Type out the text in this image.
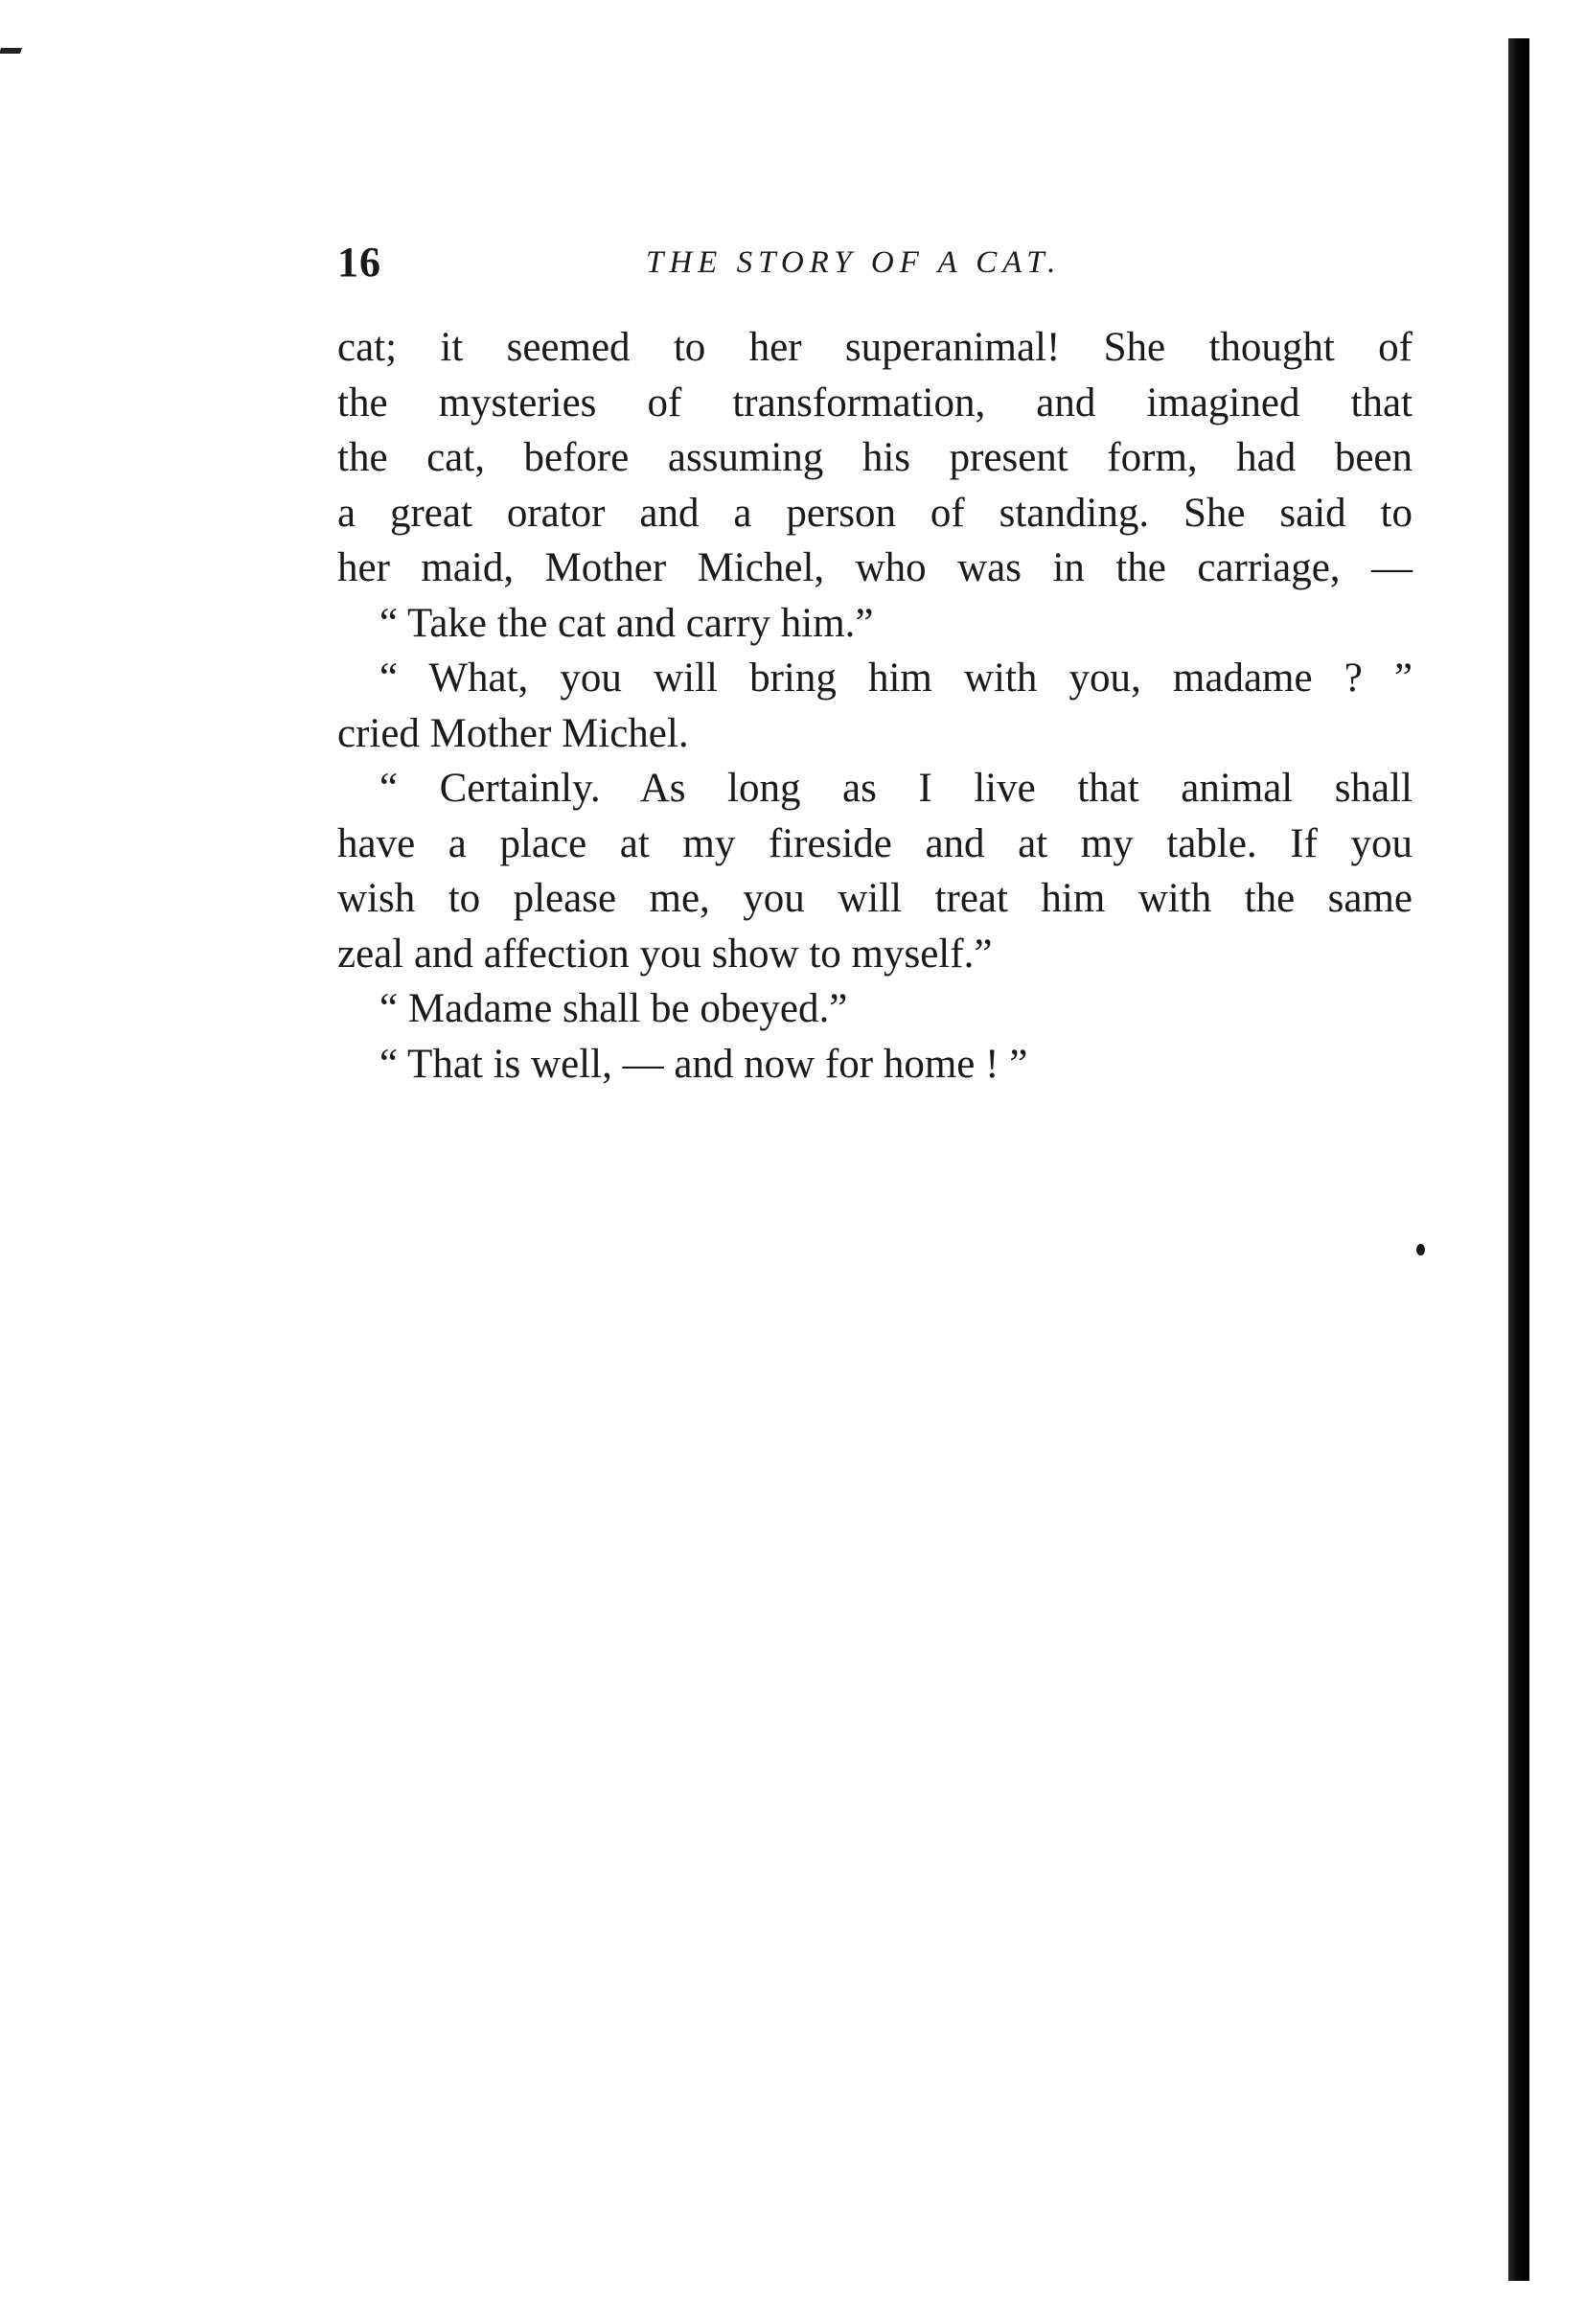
16	THE STORY OF A CAT.
cat; it seemed to her superanimal! She thought of
the mysteries of transformation, and imagined that
the cat, before assuming his present form, had been
a great orator and a person of standing. She said to
her maid, Mother Michel, who was in the carriage, —
“ Take the cat and carry him.”
“ What, you will bring him with you, madame ? ”
cried Mother Michel.
“ Certainly. As long as I live that animal shall
have a place at my fireside and at my table. If you
wish to please me, you will treat him with the same
zeal and affection you show to myself.”
“ Madame shall be obeyed.”
“ That is well, — and now for home ! ”
